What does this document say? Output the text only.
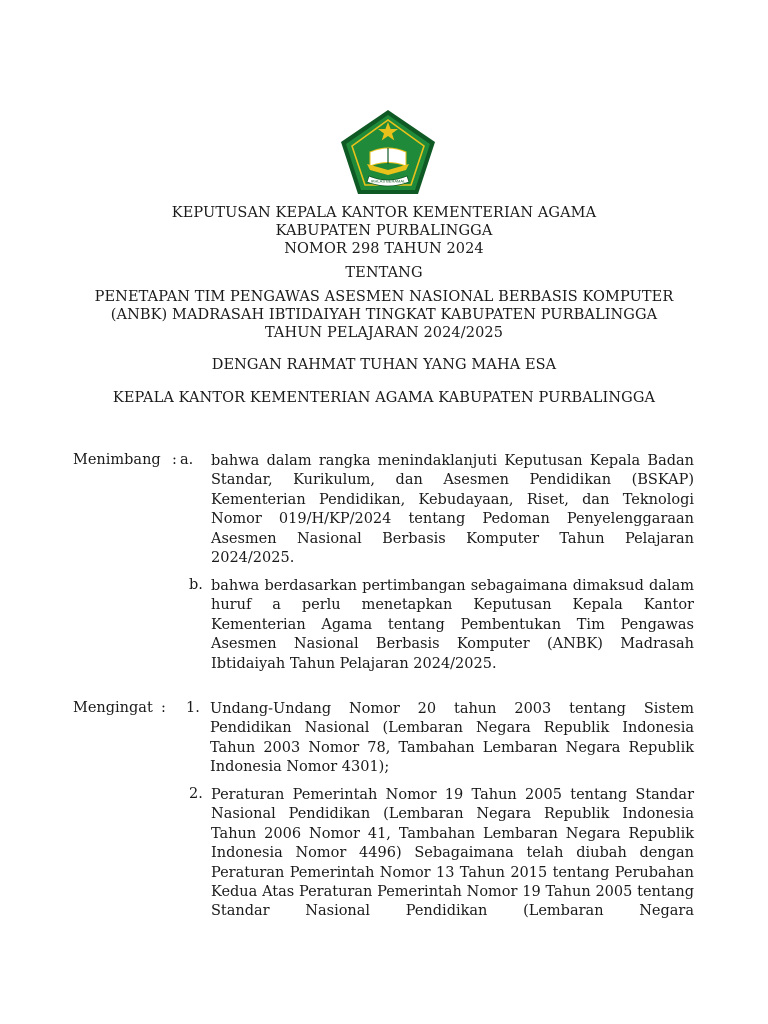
IKHLAS BERAMAL
KEPUTUSAN KEPALA KANTOR KEMENTERIAN AGAMA
KABUPATEN PURBALINGGA
NOMOR 298 TAHUN 2024
TENTANG
PENETAPAN TIM PENGAWAS ASESMEN NASIONAL BERBASIS KOMPUTER
(ANBK) MADRASAH IBTIDAIYAH TINGKAT KABUPATEN PURBALINGGA
TAHUN PELAJARAN 2024/2025
DENGAN RAHMAT TUHAN YANG MAHA ESA
KEPALA KANTOR KEMENTERIAN AGAMA KABUPATEN PURBALINGGA
Menimbang : a. bahwa dalam rangka menindaklanjuti Keputusan Kepala Badan Standar, Kurikulum, dan Asesmen Pendidikan (BSKAP) Kementerian Pendidikan, Kebudayaan, Riset, dan Teknologi Nomor 019/H/KP/2024 tentang Pedoman Penyelenggaraan Asesmen Nasional Berbasis Komputer Tahun Pelajaran 2024/2025.
b. bahwa berdasarkan pertimbangan sebagaimana dimaksud dalam huruf a perlu menetapkan Keputusan Kepala Kantor Kementerian Agama tentang Pembentukan Tim Pengawas Asesmen Nasional Berbasis Komputer (ANBK) Madrasah Ibtidaiyah Tahun Pelajaran 2024/2025.
Mengingat : 1. Undang-Undang Nomor 20 tahun 2003 tentang Sistem Pendidikan Nasional (Lembaran Negara Republik Indonesia Tahun 2003 Nomor 78, Tambahan Lembaran Negara Republik Indonesia Nomor 4301);
2. Peraturan Pemerintah Nomor 19 Tahun 2005 tentang Standar Nasional Pendidikan (Lembaran Negara Republik Indonesia Tahun 2006 Nomor 41, Tambahan Lembaran Negara Republik Indonesia Nomor 4496) Sebagaimana telah diubah dengan Peraturan Pemerintah Nomor 13 Tahun 2015 tentang Perubahan Kedua Atas Peraturan Pemerintah Nomor 19 Tahun 2005 tentang Standar Nasional Pendidikan (Lembaran Negara
